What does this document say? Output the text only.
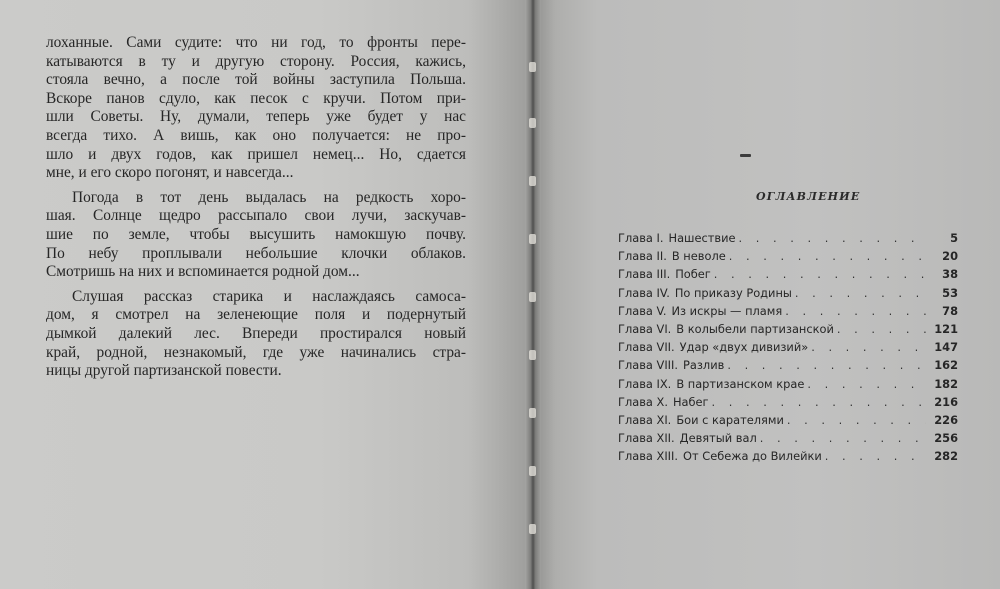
лоханные. Сами судите: что ни год, то фронты пере-
катываются в ту и другую сторону. Россия, кажись,
стояла вечно, а после той войны заступила Польша.
Вскоре панов сдуло, как песок с кручи. Потом при-
шли Советы. Ну, думали, теперь уже будет у нас
всегда тихо. А вишь, как оно получается: не про-
шло и двух годов, как пришел немец... Но, сдается
мне, и его скоро погонят, и навсегда...

Погода в тот день выдалась на редкость хоро-
шая. Солнце щедро рассыпало свои лучи, заскучав-
шие по земле, чтобы высушить намокшую почву.
По небу проплывали небольшие клочки облаков.
Смотришь на них и вспоминается родной дом...

Слушая рассказ старика и наслаждаясь самоса-
дом, я смотрел на зеленеющие поля и подернутый
дымкой далекий лес. Впереди простирался новый
край, родной, незнакомый, где уже начинались стра-
ницы другой партизанской повести.

ОГЛАВЛЕНИЕ
Глава I. Нашествие . . .	5
Глава II. В неволе . . .	20
Глава III. Побег . . .	38
Глава IV. По приказу Родины . . .	53
Глава V. Из искры — пламя . . .	78
Глава VI. В колыбели партизанской . . .	121
Глава VII. Удар «двух дивизий» . . .	147
Глава VIII. Разлив . . .	162
Глава IX. В партизанском крае . . .	182
Глава X. Набег . . .	216
Глава XI. Бои с карателями . . .	226
Глава XII. Девятый вал . . .	256
Глава XIII. От Себежа до Вилейки . . .	282
